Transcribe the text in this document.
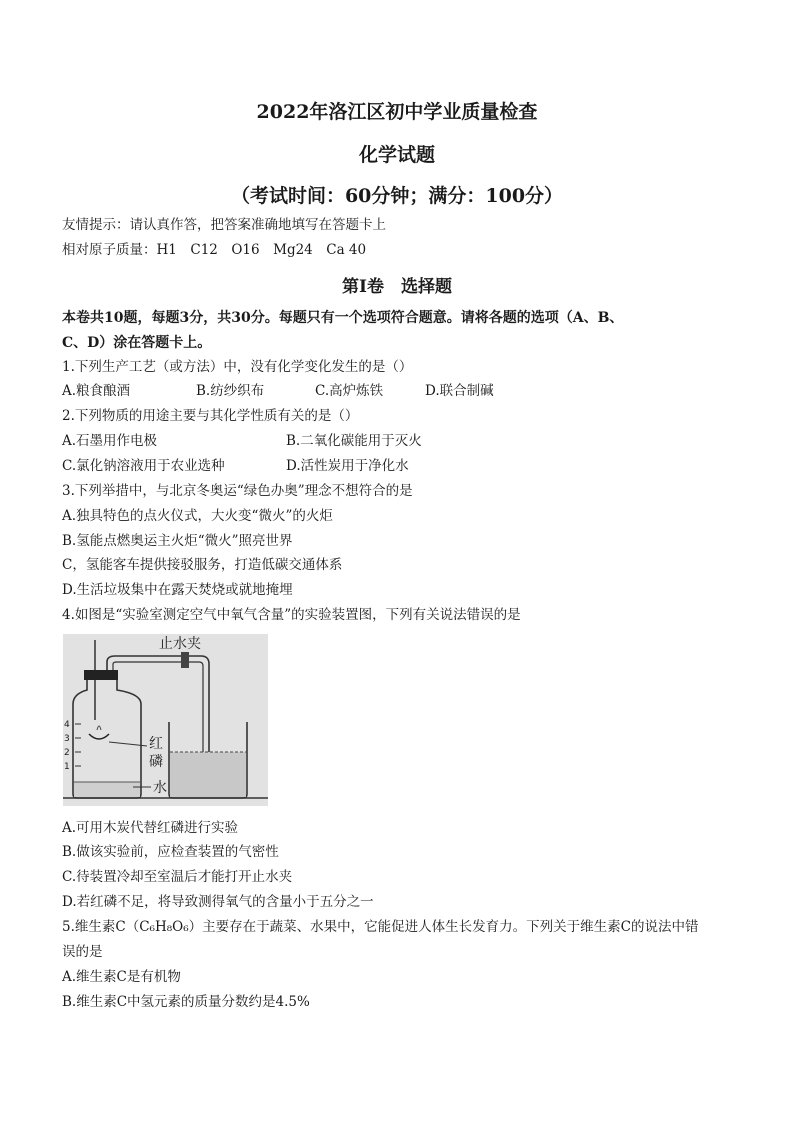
2022年洛江区初中学业质量检查
化学试题
（考试时间：60分钟；满分：100分）
友情提示：请认真作答，把答案准确地填写在答题卡上
相对原子质量：H1　C12　O16　Mg24　Ca 40
第Ⅰ卷　选择题
本卷共10题，每题3分，共30分。每题只有一个选项符合题意。请将各题的选项（A、B、
C、D）涂在答题卡上。
1.下列生产工艺（或方法）中，没有化学变化发生的是（）
A.粮食酿酒	B.纺纱织布	C.高炉炼铁	D.联合制碱
2.下列物质的用途主要与其化学性质有关的是（）
A.石墨用作电极	B.二氧化碳能用于灭火
C.氯化钠溶液用于农业选种	D.活性炭用于净化水
3.下列举措中，与北京冬奥运“绿色办奥”理念不想符合的是
A.独具特色的点火仪式，大火变“微火”的火炬
B.氢能点燃奥运主火炬“微火”照亮世界
C，氢能客车提供接驳服务，打造低碳交通体系
D.生活垃圾集中在露天焚烧或就地掩埋
4.如图是“实验室测定空气中氧气含量”的实验装置图，下列有关说法错误的是
4
3
2
1
止水夹
红
磷
水
A.可用木炭代替红磷进行实验
B.做该实验前，应检查装置的气密性
C.待装置冷却至室温后才能打开止水夹
D.若红磷不足，将导致测得氧气的含量小于五分之一
5.维生素C（C₆H₈O₆）主要存在于蔬菜、水果中，它能促进人体生长发育力。下列关于维生素C的说法中错
误的是
A.维生素C是有机物
B.维生素C中氢元素的质量分数约是4.5%
